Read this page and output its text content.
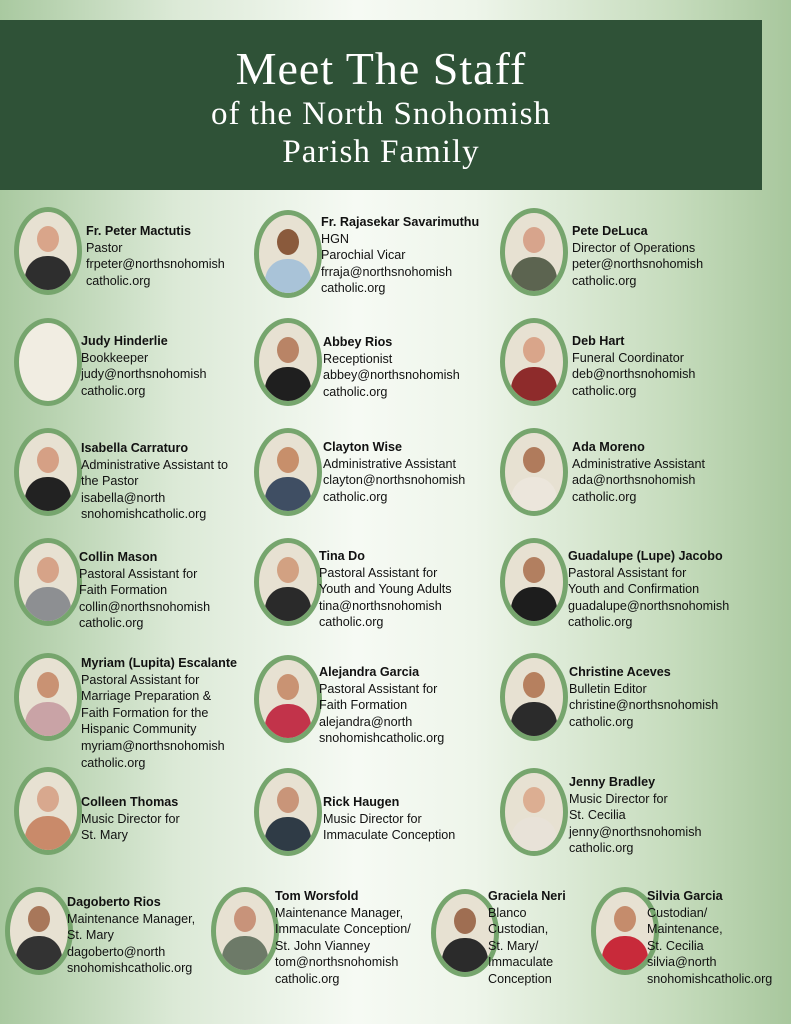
Meet The Staff
of the North Snohomish
Parish Family
Fr. Peter Mactutis
Pastor
frpeter@northsnohomish
catholic.org
Fr. Rajasekar Savarimuthu
HGN
Parochial Vicar
frraja@northsnohomish
catholic.org
Pete DeLuca
Director of Operations
peter@northsnohomish
catholic.org
Judy Hinderlie
Bookkeeper
judy@northsnohomish
catholic.org
Abbey Rios
Receptionist
abbey@northsnohomish
catholic.org
Deb Hart
Funeral Coordinator
deb@northsnohomish
catholic.org
Isabella Carraturo
Administrative Assistant to
the Pastor
isabella@north
snohomishcatholic.org
Clayton Wise
Administrative Assistant
clayton@northsnohomish
catholic.org
Ada Moreno
Administrative Assistant
ada@northsnohomish
catholic.org
Collin Mason
Pastoral Assistant for
Faith Formation
collin@northsnohomish
catholic.org
Tina Do
Pastoral Assistant for
Youth and Young Adults
tina@northsnohomish
catholic.org
Guadalupe (Lupe) Jacobo
Pastoral Assistant for
Youth and Confirmation
guadalupe@northsnohomish
catholic.org
Myriam (Lupita) Escalante
Pastoral Assistant for
Marriage Preparation &
Faith Formation for the
Hispanic Community
myriam@northsnohomish
catholic.org
Alejandra Garcia
Pastoral Assistant for
Faith Formation
alejandra@north
snohomishcatholic.org
Christine Aceves
Bulletin Editor
christine@northsnohomish
catholic.org
Colleen Thomas
Music Director for
St. Mary
Rick Haugen
Music Director for
Immaculate Conception
Jenny Bradley
Music Director for
St. Cecilia
jenny@northsnohomish
catholic.org
Dagoberto Rios
Maintenance Manager,
St. Mary
dagoberto@north
snohomishcatholic.org
Tom Worsfold
Maintenance Manager,
Immaculate Conception/
St. John Vianney
tom@northsnohomish
catholic.org
Graciela Neri
Blanco
Custodian,
St. Mary/
Immaculate
Conception
Silvia Garcia
Custodian/
Maintenance,
St. Cecilia
silvia@north
snohomishcatholic.org
